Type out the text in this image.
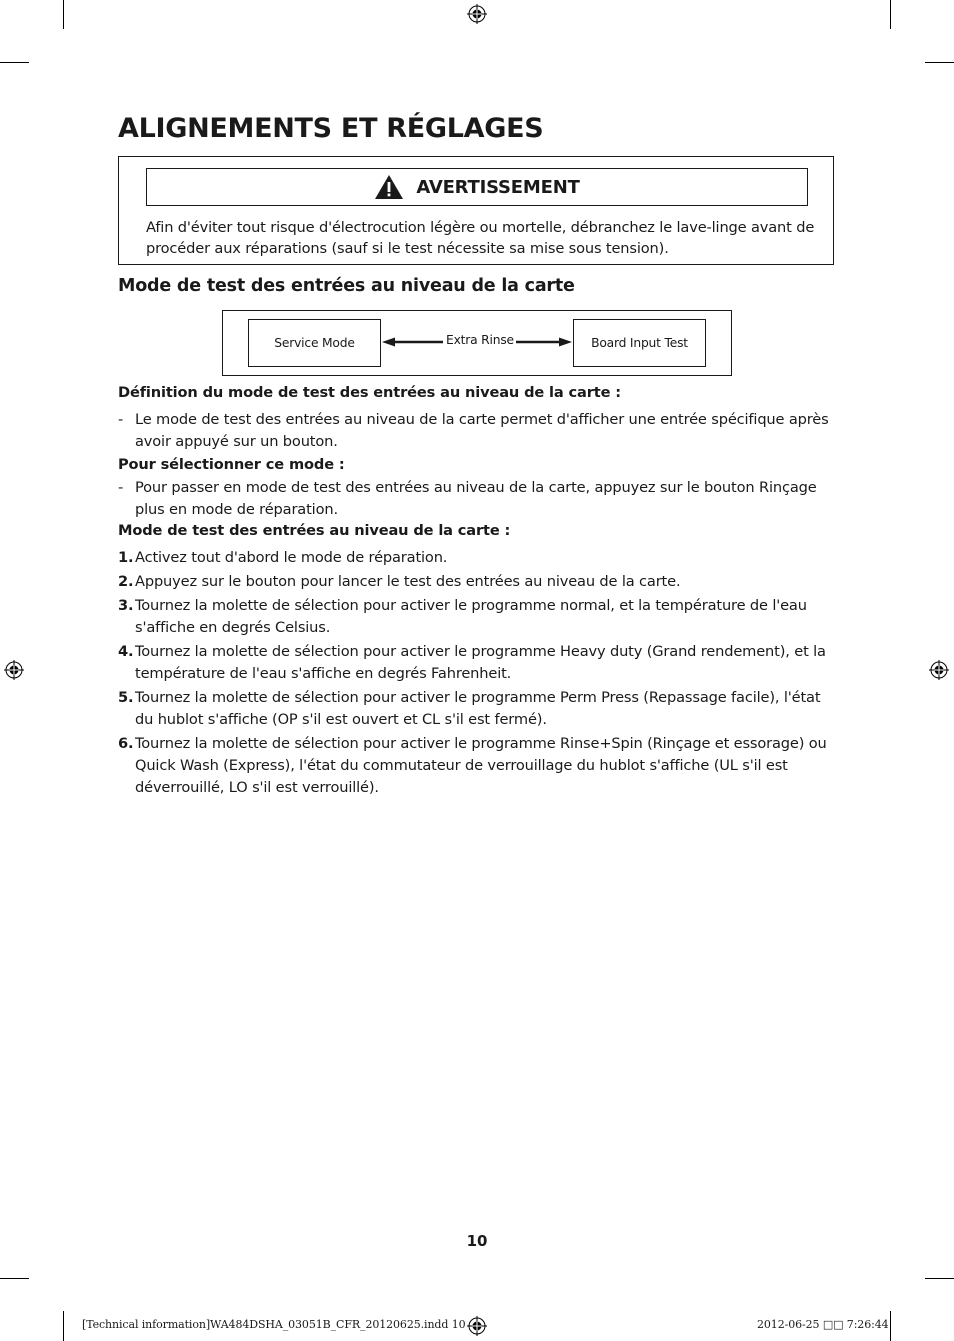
ALIGNEMENTS ET RÉGLAGES
AVERTISSEMENT
Afin d'éviter tout risque d'électrocution légère ou mortelle, débranchez le lave-linge avant de procéder aux réparations (sauf si le test nécessite sa mise sous tension).
Mode de test des entrées au niveau de la carte
Service Mode	Extra Rinse	Board Input Test

Définition du mode de test des entrées au niveau de la carte :

- Le mode de test des entrées au niveau de la carte permet d'afficher une entrée spécifique après avoir appuyé sur un bouton.

Pour sélectionner ce mode :

- Pour passer en mode de test des entrées au niveau de la carte, appuyez sur le bouton Rinçage plus en mode de réparation.

Mode de test des entrées au niveau de la carte :

1. Activez tout d'abord le mode de réparation.
2. Appuyez sur le bouton pour lancer le test des entrées au niveau de la carte.
3. Tournez la molette de sélection pour activer le programme normal, et la température de l'eau s'affiche en degrés Celsius.
4. Tournez la molette de sélection pour activer le programme Heavy duty (Grand rendement), et la température de l'eau s'affiche en degrés Fahrenheit.
5. Tournez la molette de sélection pour activer le programme Perm Press (Repassage facile), l'état du hublot s'affiche (OP s'il est ouvert et CL s'il est fermé).
6. Tournez la molette de sélection pour activer le programme Rinse+Spin (Rinçage et essorage) ou Quick Wash (Express), l'état du commutateur de verrouillage du hublot s'affiche (UL s'il est déverrouillé, LO s'il est verrouillé).
10
[Technical information]WA484DSHA_03051B_CFR_20120625.indd 10	2012-06-25 □□ 7:26:44
